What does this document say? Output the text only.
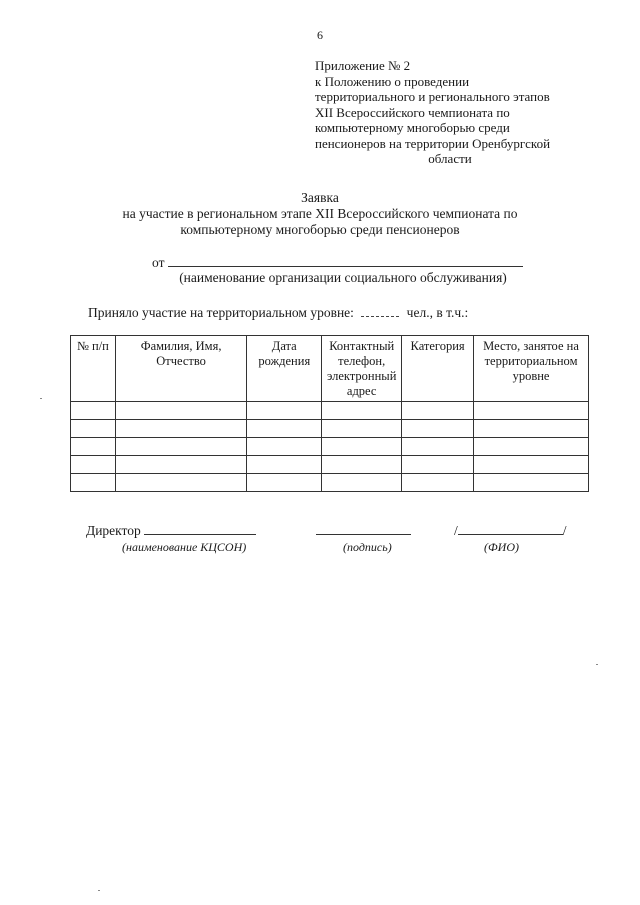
6
Приложение № 2
к Положению о проведении
территориального и регионального этапов
XII Всероссийского чемпионата по
компьютерному многоборью среди
пенсионеров на территории Оренбургской
области
Заявка
на участие в региональном этапе XII Всероссийского чемпионата по
компьютерному многоборью среди пенсионеров
от
(наименование организации социального обслуживания)
Приняло участие на территориальном уровне:	чел., в т.ч.:
№ п/п	Фамилия, Имя, Отчество	Дата рождения	Контактный телефон, электронный адрес	Категория	Место, занятое на территориальном уровне

Директор	/	/
(наименование КЦСОН)	(подпись)	(ФИО)
